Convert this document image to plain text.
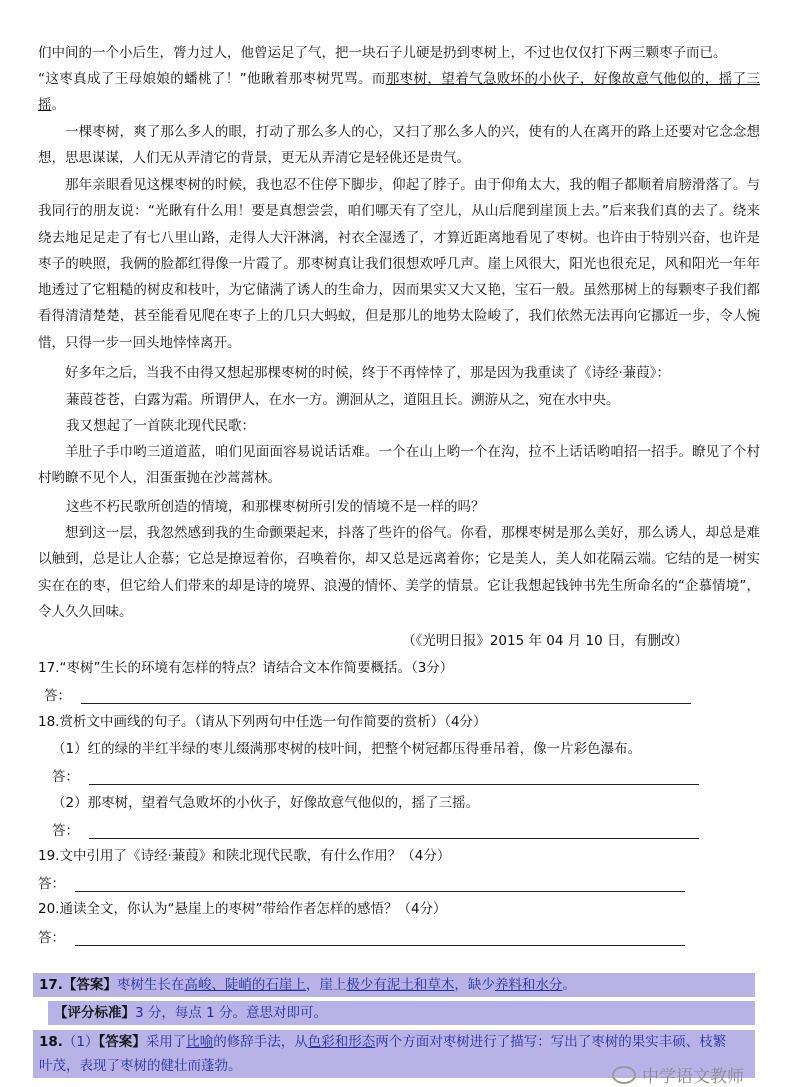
们中间的一个小后生，膂力过人，他曾运足了气，把一块石子儿硬是扔到枣树上，不过也仅仅打下两三颗枣子而已。

“这枣真成了王母娘娘的蟠桃了！”他瞅着那枣树咒骂。而那枣树，望着气急败坏的小伙子，好像故意气他似的，摇了三摇。

一棵枣树，爽了那么多人的眼，打动了那么多人的心，又扫了那么多人的兴，使有的人在离开的路上还要对它念念想想，思思谋谋，人们无从弄清它的背景，更无从弄清它是轻佻还是贵气。

那年亲眼看见这棵枣树的时候，我也忍不住停下脚步，仰起了脖子。由于仰角太大，我的帽子都顺着肩膀滑落了。与我同行的朋友说：“光瞅有什么用！要是真想尝尝，咱们哪天有了空儿，从山后爬到崖顶上去。”后来我们真的去了。绕来绕去地足足走了有七八里山路，走得人大汗淋漓，衬衣全湿透了，才算近距离地看见了枣树。也许由于特别兴奋，也许是枣子的映照，我俩的脸都红得像一片霞了。那枣树真让我们很想欢呼几声。崖上风很大，阳光也很充足，风和阳光一年年地透过了它粗糙的树皮和枝叶，为它储满了诱人的生命力，因而果实又大又艳，宝石一般。虽然那树上的每颗枣子我们都看得清清楚楚，甚至能看见爬在枣子上的几只大蚂蚁，但是那儿的地势太险峻了，我们依然无法再向它挪近一步，令人惋惜，只得一步一回头地悻悻离开。

好多年之后，当我不由得又想起那棵枣树的时候，终于不再悻悻了，那是因为我重读了《诗经·蒹葭》：

蒹葭苍苍，白露为霜。所谓伊人，在水一方。溯洄从之，道阻且长。溯游从之，宛在水中央。

我又想起了一首陕北现代民歌：

羊肚子手巾哟三道道蓝，咱们见面面容易说话话难。一个在山上哟一个在沟，拉不上话话哟咱招一招手。瞭见了个村村哟瞭不见个人，泪蛋蛋抛在沙蒿蒿林。

这些不朽民歌所创造的情境，和那棵枣树所引发的情境不是一样的吗？

想到这一层，我忽然感到我的生命颤栗起来，抖落了些许的俗气。你看，那棵枣树是那么美好，那么诱人，却总是难以触到，总是让人企慕；它总是撩逗着你，召唤着你，却又总是远离着你；它是美人，美人如花隔云端。它结的是一树实实在在的枣，但它给人们带来的却是诗的境界、浪漫的情怀、美学的情景。它让我想起钱钟书先生所命名的“企慕情境”，令人久久回味。

（《光明日报》2015 年 04 月 10 日，有删改）

17.“枣树”生长的环境有怎样的特点？请结合文本作简要概括。（3分）

答：

18.赏析文中画线的句子。（请从下列两句中任选一句作简要的赏析）（4分）

（1）红的绿的半红半绿的枣儿缀满那枣树的枝叶间，把整个树冠都压得垂吊着，像一片彩色瀑布。

答：

（2）那枣树，望着气急败坏的小伙子，好像故意气他似的，摇了三摇。

答：

19.文中引用了《诗经·蒹葭》和陕北现代民歌，有什么作用？（4分）

答：

20.通读全文，你认为“悬崖上的枣树”带给作者怎样的感悟？（4分）

答：
17.【答案】枣树生长在高峻、陡峭的石崖上，崖上极少有泥土和草木，缺少养料和水分。
【评分标准】3 分，每点 1 分。意思对即可。
18.（1）【答案】采用了比喻的修辞手法，从色彩和形态两个方面对枣树进行了描写：写出了枣树的果实丰硕、枝繁
叶茂，表现了枣树的健壮而蓬勃。
中学语文教师
